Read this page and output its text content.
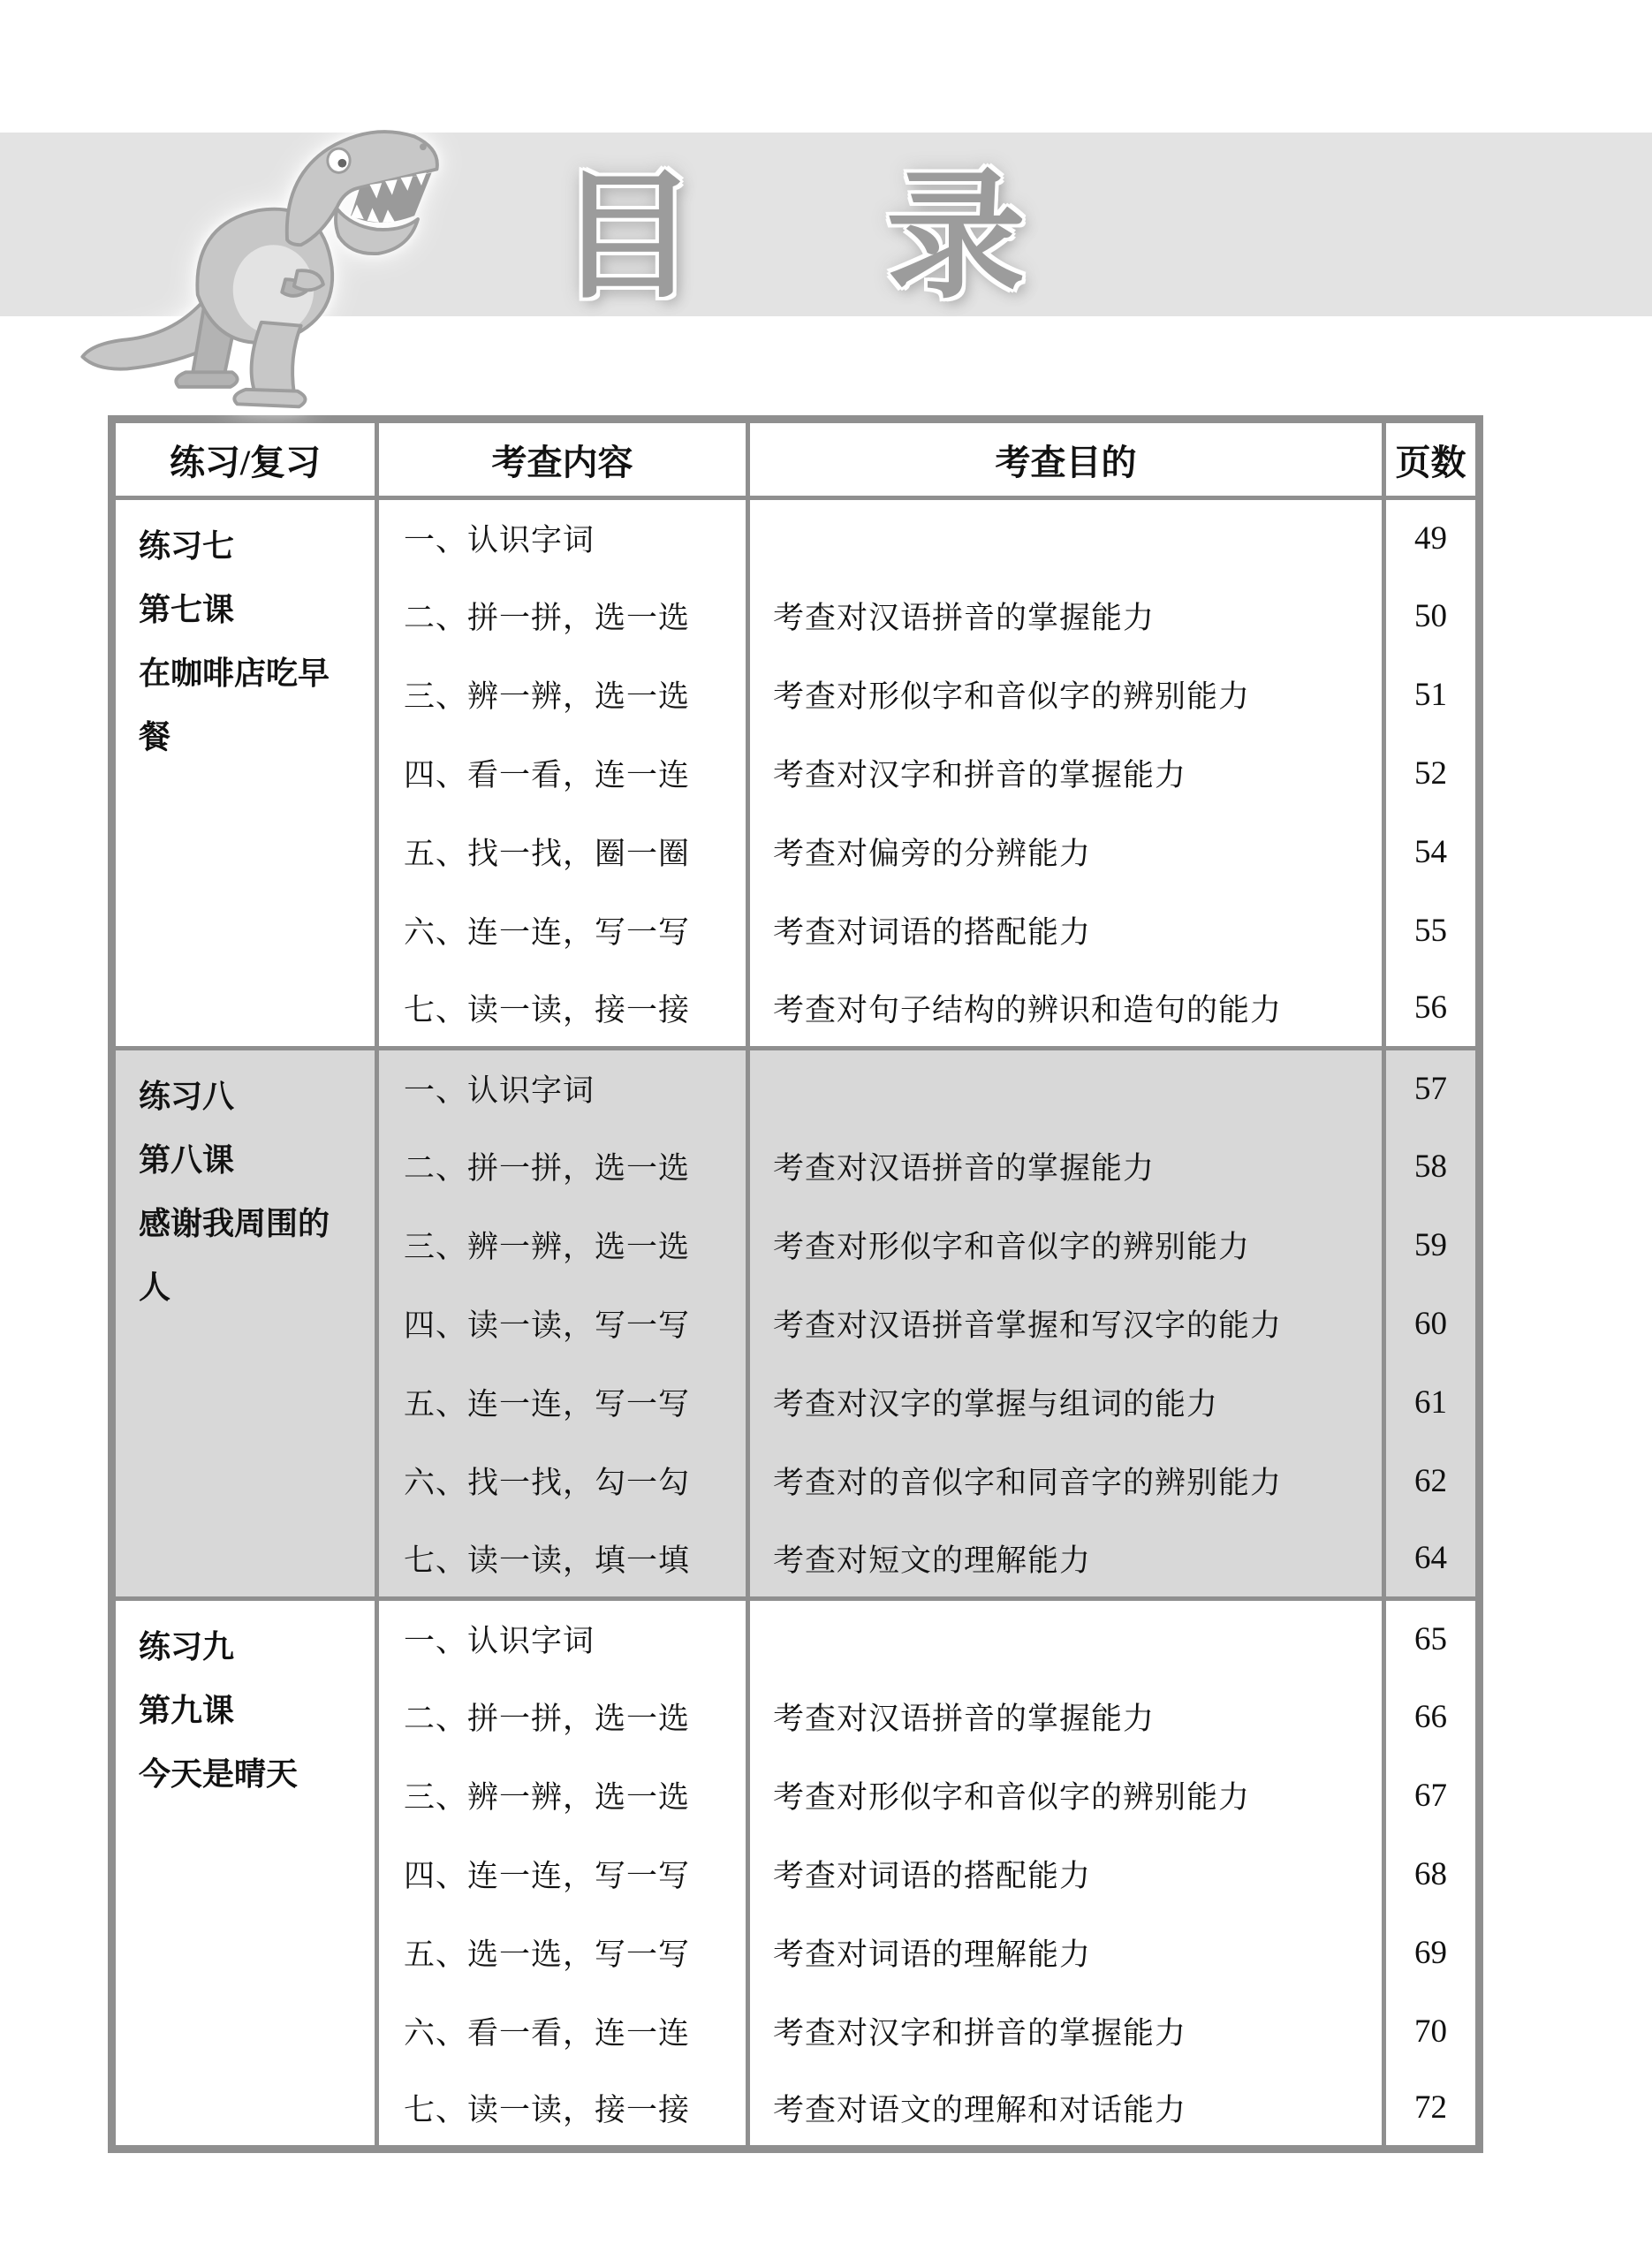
目　录
练习/复习	考查内容	考查目的	页数

练习七
第七课
在咖啡店吃早餐	一、认识字词		49
	二、拼一拼，选一选	考查对汉语拼音的掌握能力	50
	三、辨一辨，选一选	考查对形似字和音似字的辨别能力	51
	四、看一看，连一连	考查对汉字和拼音的掌握能力	52
	五、找一找，圈一圈	考查对偏旁的分辨能力	54
	六、连一连，写一写	考查对词语的搭配能力	55
	七、读一读，接一接	考查对句子结构的辨识和造句的能力	56

练习八
第八课
感谢我周围的人	一、认识字词		57
	二、拼一拼，选一选	考查对汉语拼音的掌握能力	58
	三、辨一辨，选一选	考查对形似字和音似字的辨别能力	59
	四、读一读，写一写	考查对汉语拼音掌握和写汉字的能力	60
	五、连一连，写一写	考查对汉字的掌握与组词的能力	61
	六、找一找，勾一勾	考查对的音似字和同音字的辨别能力	62
	七、读一读，填一填	考查对短文的理解能力	64

练习九
第九课
今天是晴天	一、认识字词		65
	二、拼一拼，选一选	考查对汉语拼音的掌握能力	66
	三、辨一辨，选一选	考查对形似字和音似字的辨别能力	67
	四、连一连，写一写	考查对词语的搭配能力	68
	五、选一选，写一写	考查对词语的理解能力	69
	六、看一看，连一连	考查对汉字和拼音的掌握能力	70
	七、读一读，接一接	考查对语文的理解和对话能力	72
